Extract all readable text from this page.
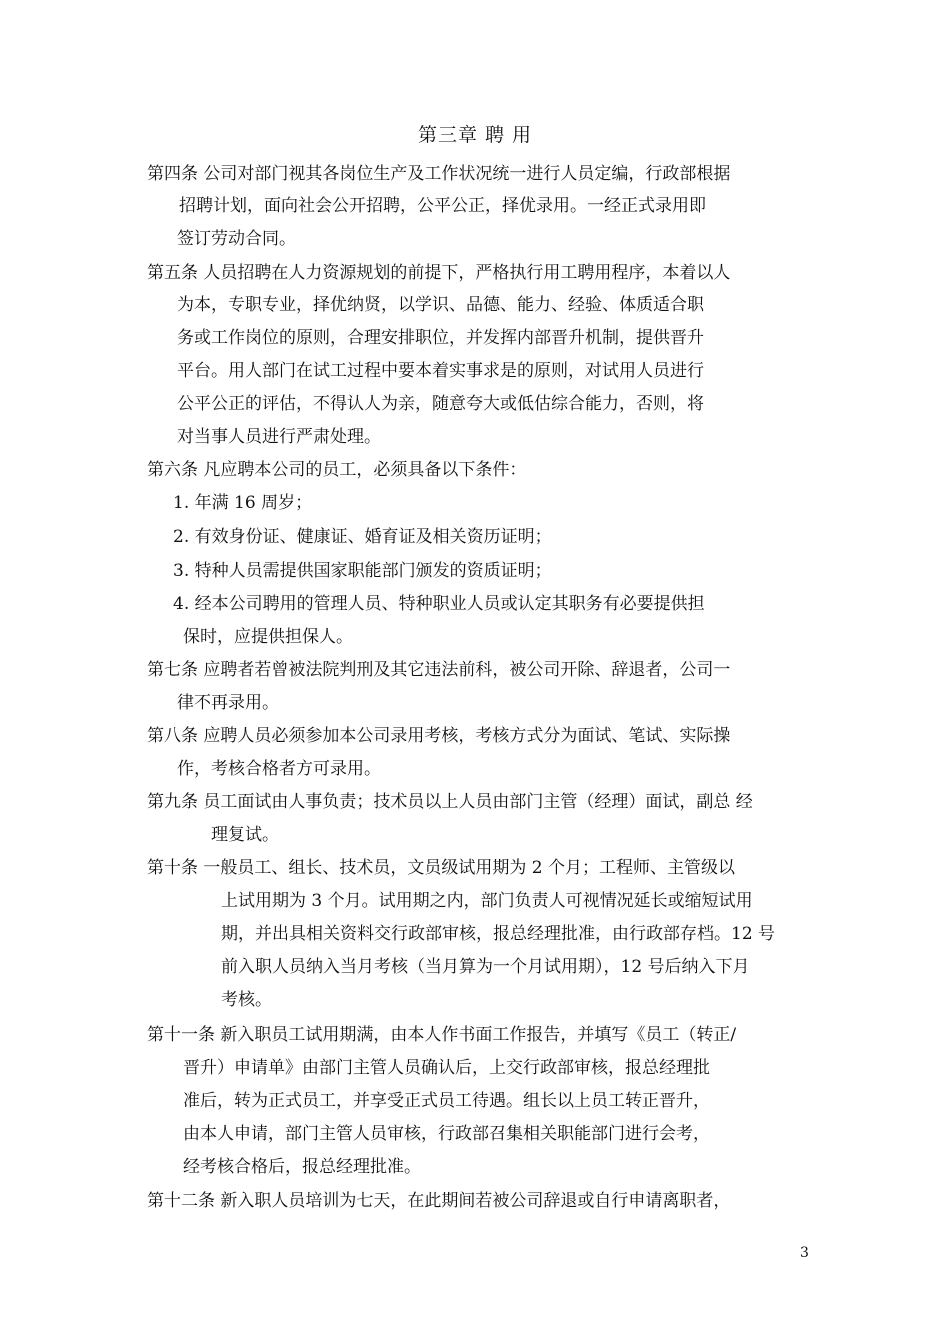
第三章 聘 用
第四条 公司对部门视其各岗位生产及工作状况统一进行人员定编，行政部根据
招聘计划，面向社会公开招聘，公平公正，择优录用。一经正式录用即
签订劳动合同。
第五条 人员招聘在人力资源规划的前提下，严格执行用工聘用程序，本着以人
为本，专职专业，择优纳贤，以学识、品德、能力、经验、体质适合职
务或工作岗位的原则，合理安排职位，并发挥内部晋升机制，提供晋升
平台。用人部门在试工过程中要本着实事求是的原则，对试用人员进行
公平公正的评估，不得认人为亲，随意夸大或低估综合能力，否则，将
对当事人员进行严肃处理。
第六条 凡应聘本公司的员工，必须具备以下条件：
1. 年满 16 周岁；
2. 有效身份证、健康证、婚育证及相关资历证明；
3. 特种人员需提供国家职能部门颁发的资质证明；
4. 经本公司聘用的管理人员、特种职业人员或认定其职务有必要提供担
保时，应提供担保人。
第七条 应聘者若曾被法院判刑及其它违法前科，被公司开除、辞退者，公司一
律不再录用。
第八条 应聘人员必须参加本公司录用考核，考核方式分为面试、笔试、实际操
作，考核合格者方可录用。
第九条 员工面试由人事负责；技术员以上人员由部门主管（经理）面试，副总 经
理复试。
第十条 一般员工、组长、技术员，文员级试用期为 2 个月；工程师、主管级以
上试用期为 3 个月。试用期之内，部门负责人可视情况延长或缩短试用
期，并出具相关资料交行政部审核，报总经理批准，由行政部存档。12 号
前入职人员纳入当月考核（当月算为一个月试用期），12 号后纳入下月
考核。
第十一条 新入职员工试用期满，由本人作书面工作报告，并填写《员工（转正/
晋升）申请单》由部门主管人员确认后，上交行政部审核，报总经理批
准后，转为正式员工，并享受正式员工待遇。组长以上员工转正晋升，
由本人申请，部门主管人员审核，行政部召集相关职能部门进行会考，
经考核合格后，报总经理批准。
第十二条 新入职人员培训为七天，在此期间若被公司辞退或自行申请离职者，
3
